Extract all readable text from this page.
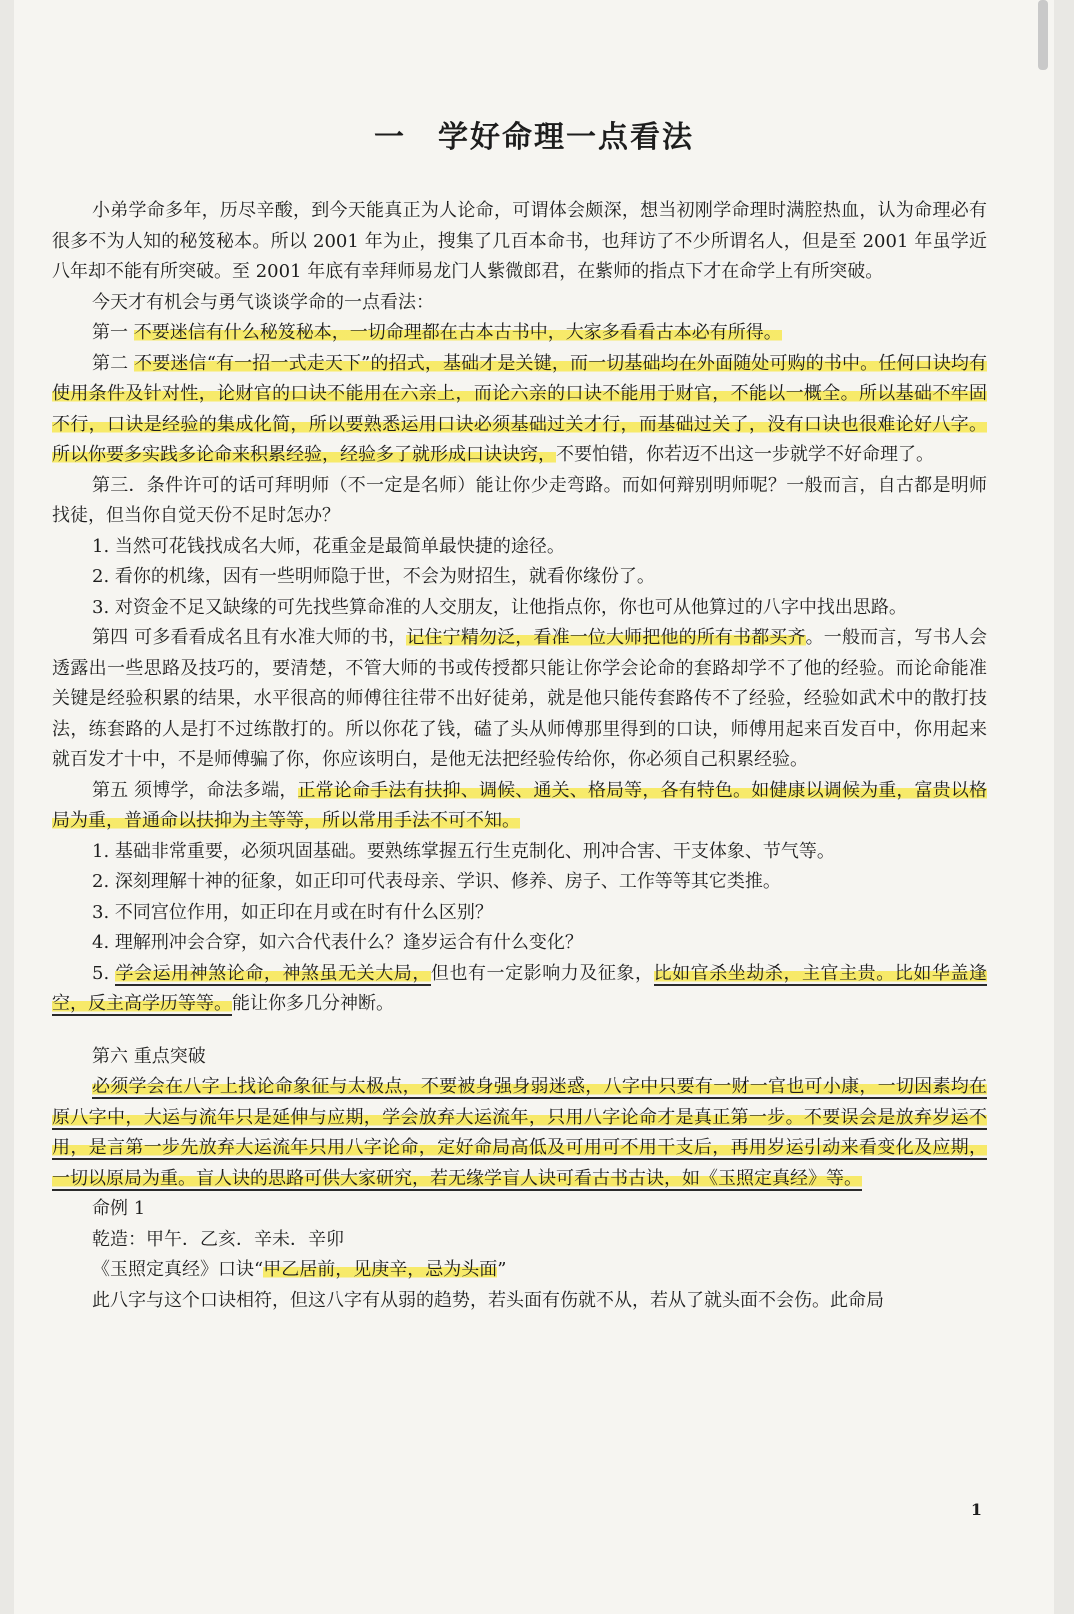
一　学好命理一点看法

小弟学命多年，历尽辛酸，到今天能真正为人论命，可谓体会颇深，想当初刚学命理时满腔热血，认为命理必有很多不为人知的秘笈秘本。所以 2001 年为止，搜集了几百本命书，也拜访了不少所谓名人，但是至 2001 年虽学近八年却不能有所突破。至 2001 年底有幸拜师易龙门人紫微郎君，在紫师的指点下才在命学上有所突破。

今天才有机会与勇气谈谈学命的一点看法：

第一 不要迷信有什么秘笈秘本，一切命理都在古本古书中，大家多看看古本必有所得。

第二 不要迷信“有一招一式走天下”的招式，基础才是关键，而一切基础均在外面随处可购的书中。任何口诀均有使用条件及针对性，论财官的口诀不能用在六亲上，而论六亲的口诀不能用于财官，不能以一概全。所以基础不牢固不行，口诀是经验的集成化简，所以要熟悉运用口诀必须基础过关才行，而基础过关了，没有口诀也很难论好八字。所以你要多实践多论命来积累经验，经验多了就形成口诀诀窍，不要怕错，你若迈不出这一步就学不好命理了。

第三．条件许可的话可拜明师（不一定是名师）能让你少走弯路。而如何辩别明师呢？一般而言，自古都是明师找徒，但当你自觉天份不足时怎办？

1. 当然可花钱找成名大师，花重金是最简单最快捷的途径。

2. 看你的机缘，因有一些明师隐于世，不会为财招生，就看你缘份了。

3. 对资金不足又缺缘的可先找些算命准的人交朋友，让他指点你，你也可从他算过的八字中找出思路。

第四 可多看看成名且有水准大师的书，记住宁精勿泛，看准一位大师把他的所有书都买齐。一般而言，写书人会透露出一些思路及技巧的，要清楚，不管大师的书或传授都只能让你学会论命的套路却学不了他的经验。而论命能准关键是经验积累的结果，水平很高的师傅往往带不出好徒弟，就是他只能传套路传不了经验，经验如武术中的散打技法，练套路的人是打不过练散打的。所以你花了钱，磕了头从师傅那里得到的口诀，师傅用起来百发百中，你用起来就百发才十中，不是师傅骗了你，你应该明白，是他无法把经验传给你，你必须自己积累经验。

第五 须博学，命法多端，正常论命手法有扶抑、调候、通关、格局等，各有特色。如健康以调候为重，富贵以格局为重，普通命以扶抑为主等等，所以常用手法不可不知。

1. 基础非常重要，必须巩固基础。要熟练掌握五行生克制化、刑冲合害、干支体象、节气等。

2. 深刻理解十神的征象，如正印可代表母亲、学识、修养、房子、工作等等其它类推。

3. 不同宫位作用，如正印在月或在时有什么区别？

4. 理解刑冲会合穿，如六合代表什么？逢岁运合有什么变化？

5. 学会运用神煞论命，神煞虽无关大局，但也有一定影响力及征象，比如官杀坐劫杀，主官主贵。比如华盖逢空，反主高学历等等。能让你多几分神断。

第六 重点突破

必须学会在八字上找论命象征与太极点，不要被身强身弱迷惑，八字中只要有一财一官也可小康，一切因素均在原八字中，大运与流年只是延伸与应期，学会放弃大运流年，只用八字论命才是真正第一步。不要误会是放弃岁运不用，是言第一步先放弃大运流年只用八字论命，定好命局高低及可用可不用干支后，再用岁运引动来看变化及应期，一切以原局为重。盲人诀的思路可供大家研究，若无缘学盲人诀可看古书古诀，如《玉照定真经》等。

命例 1

乾造：甲午．乙亥．辛未．辛卯

《玉照定真经》口诀“甲乙居前，见庚辛，忌为头面”

此八字与这个口诀相符，但这八字有从弱的趋势，若头面有伤就不从，若从了就头面不会伤。此命局

1
